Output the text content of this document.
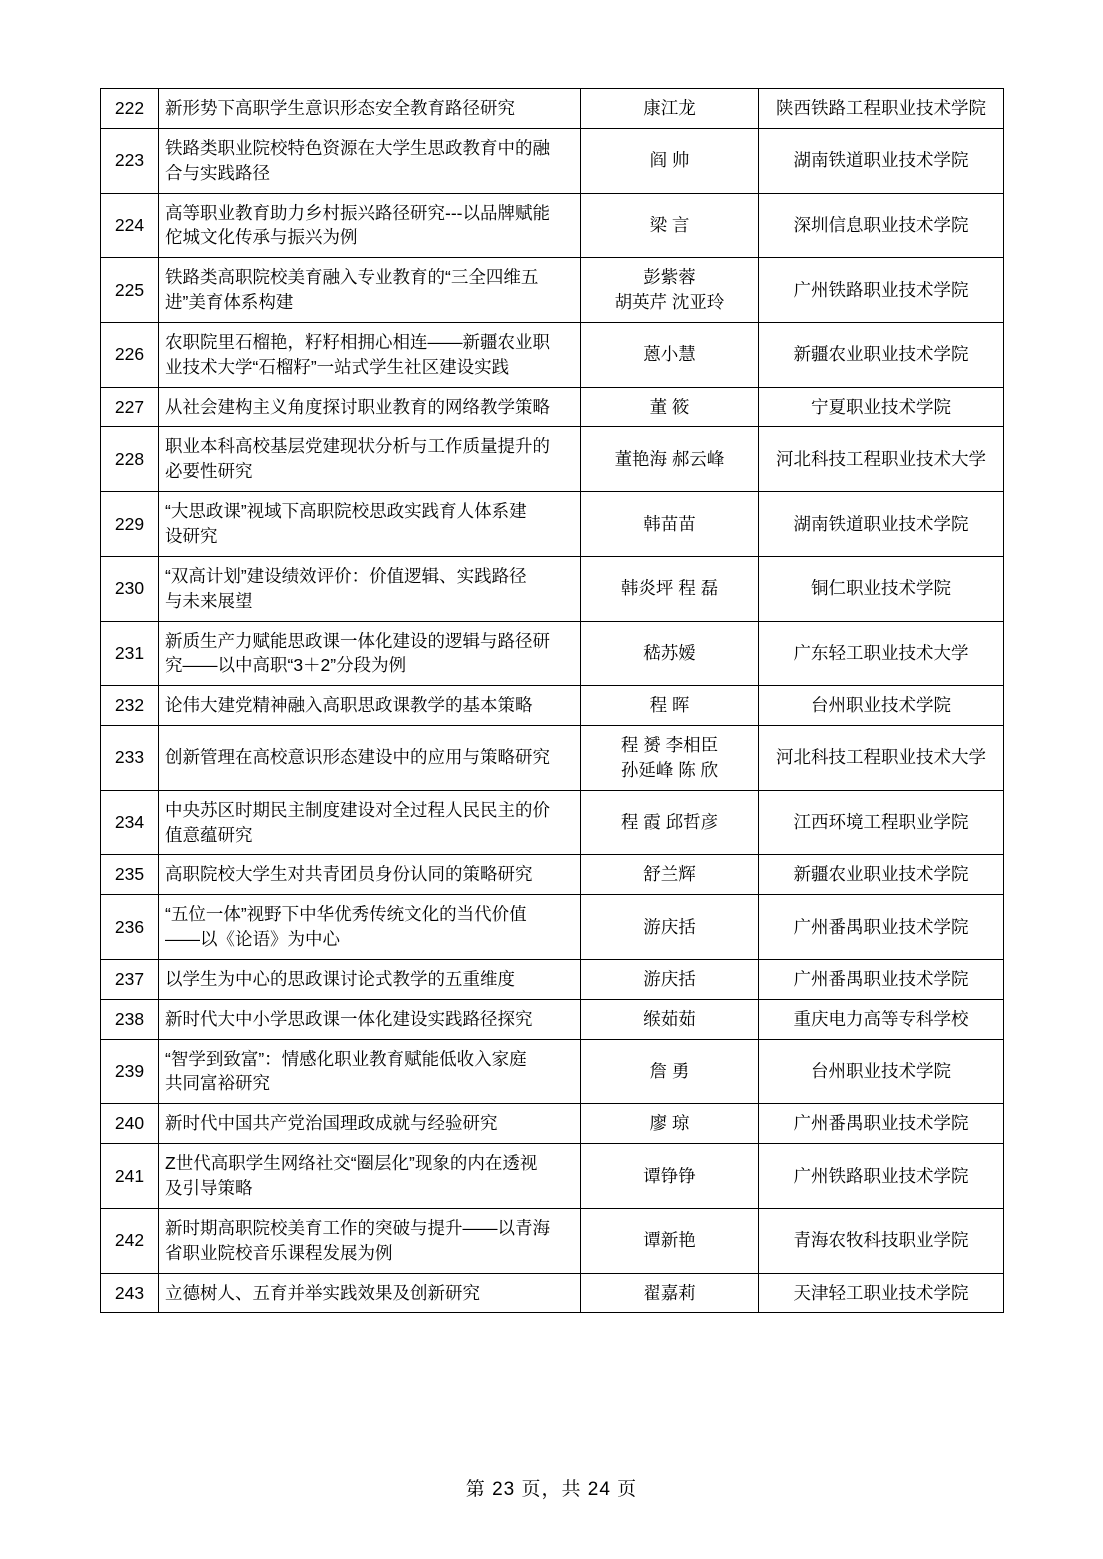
222	新形势下高职学生意识形态安全教育路径研究	康江龙	陕西铁路工程职业技术学院
223	铁路类职业院校特色资源在大学生思政教育中的融
合与实践路径	阎 帅	湖南铁道职业技术学院
224	高等职业教育助力乡村振兴路径研究---以品牌赋能
佗城文化传承与振兴为例	梁 言	深圳信息职业技术学院
225	铁路类高职院校美育融入专业教育的“三全四维五
进”美育体系构建	彭紫蓉
胡英芹 沈亚玲	广州铁路职业技术学院
226	农职院里石榴艳，籽籽相拥心相连——新疆农业职
业技术大学“石榴籽”一站式学生社区建设实践	蒽小慧	新疆农业职业技术学院
227	从社会建构主义角度探讨职业教育的网络教学策略	董 筱	宁夏职业技术学院
228	职业本科高校基层党建现状分析与工作质量提升的
必要性研究	董艳海 郝云峰	河北科技工程职业技术大学
229	“大思政课”视域下高职院校思政实践育人体系建
设研究	韩苗苗	湖南铁道职业技术学院
230	“双高计划”建设绩效评价：价值逻辑、实践路径
与未来展望	韩炎坪 程 磊	铜仁职业技术学院
231	新质生产力赋能思政课一体化建设的逻辑与路径研
究——以中高职“3＋2”分段为例	嵇苏嫒	广东轻工职业技术大学
232	论伟大建党精神融入高职思政课教学的基本策略	程 晖	台州职业技术学院
233	创新管理在高校意识形态建设中的应用与策略研究	程 赟 李相臣
孙延峰 陈 欣	河北科技工程职业技术大学
234	中央苏区时期民主制度建设对全过程人民民主的价
值意蕴研究	程 霞 邱哲彦	江西环境工程职业学院
235	高职院校大学生对共青团员身份认同的策略研究	舒兰辉	新疆农业职业技术学院
236	“五位一体”视野下中华优秀传统文化的当代价值
——以《论语》为中心	游庆括	广州番禺职业技术学院
237	以学生为中心的思政课讨论式教学的五重维度	游庆括	广州番禺职业技术学院
238	新时代大中小学思政课一体化建设实践路径探究	缑茹茹	重庆电力高等专科学校
239	“智学到致富”：情感化职业教育赋能低收入家庭
共同富裕研究	詹 勇	台州职业技术学院
240	新时代中国共产党治国理政成就与经验研究	廖 琼	广州番禺职业技术学院
241	Z世代高职学生网络社交“圈层化”现象的内在透视
及引导策略	谭铮铮	广州铁路职业技术学院
242	新时期高职院校美育工作的突破与提升——以青海
省职业院校音乐课程发展为例	谭新艳	青海农牧科技职业学院
243	立德树人、五育并举实践效果及创新研究	翟嘉莉	天津轻工职业技术学院
第 23 页，共 24 页
